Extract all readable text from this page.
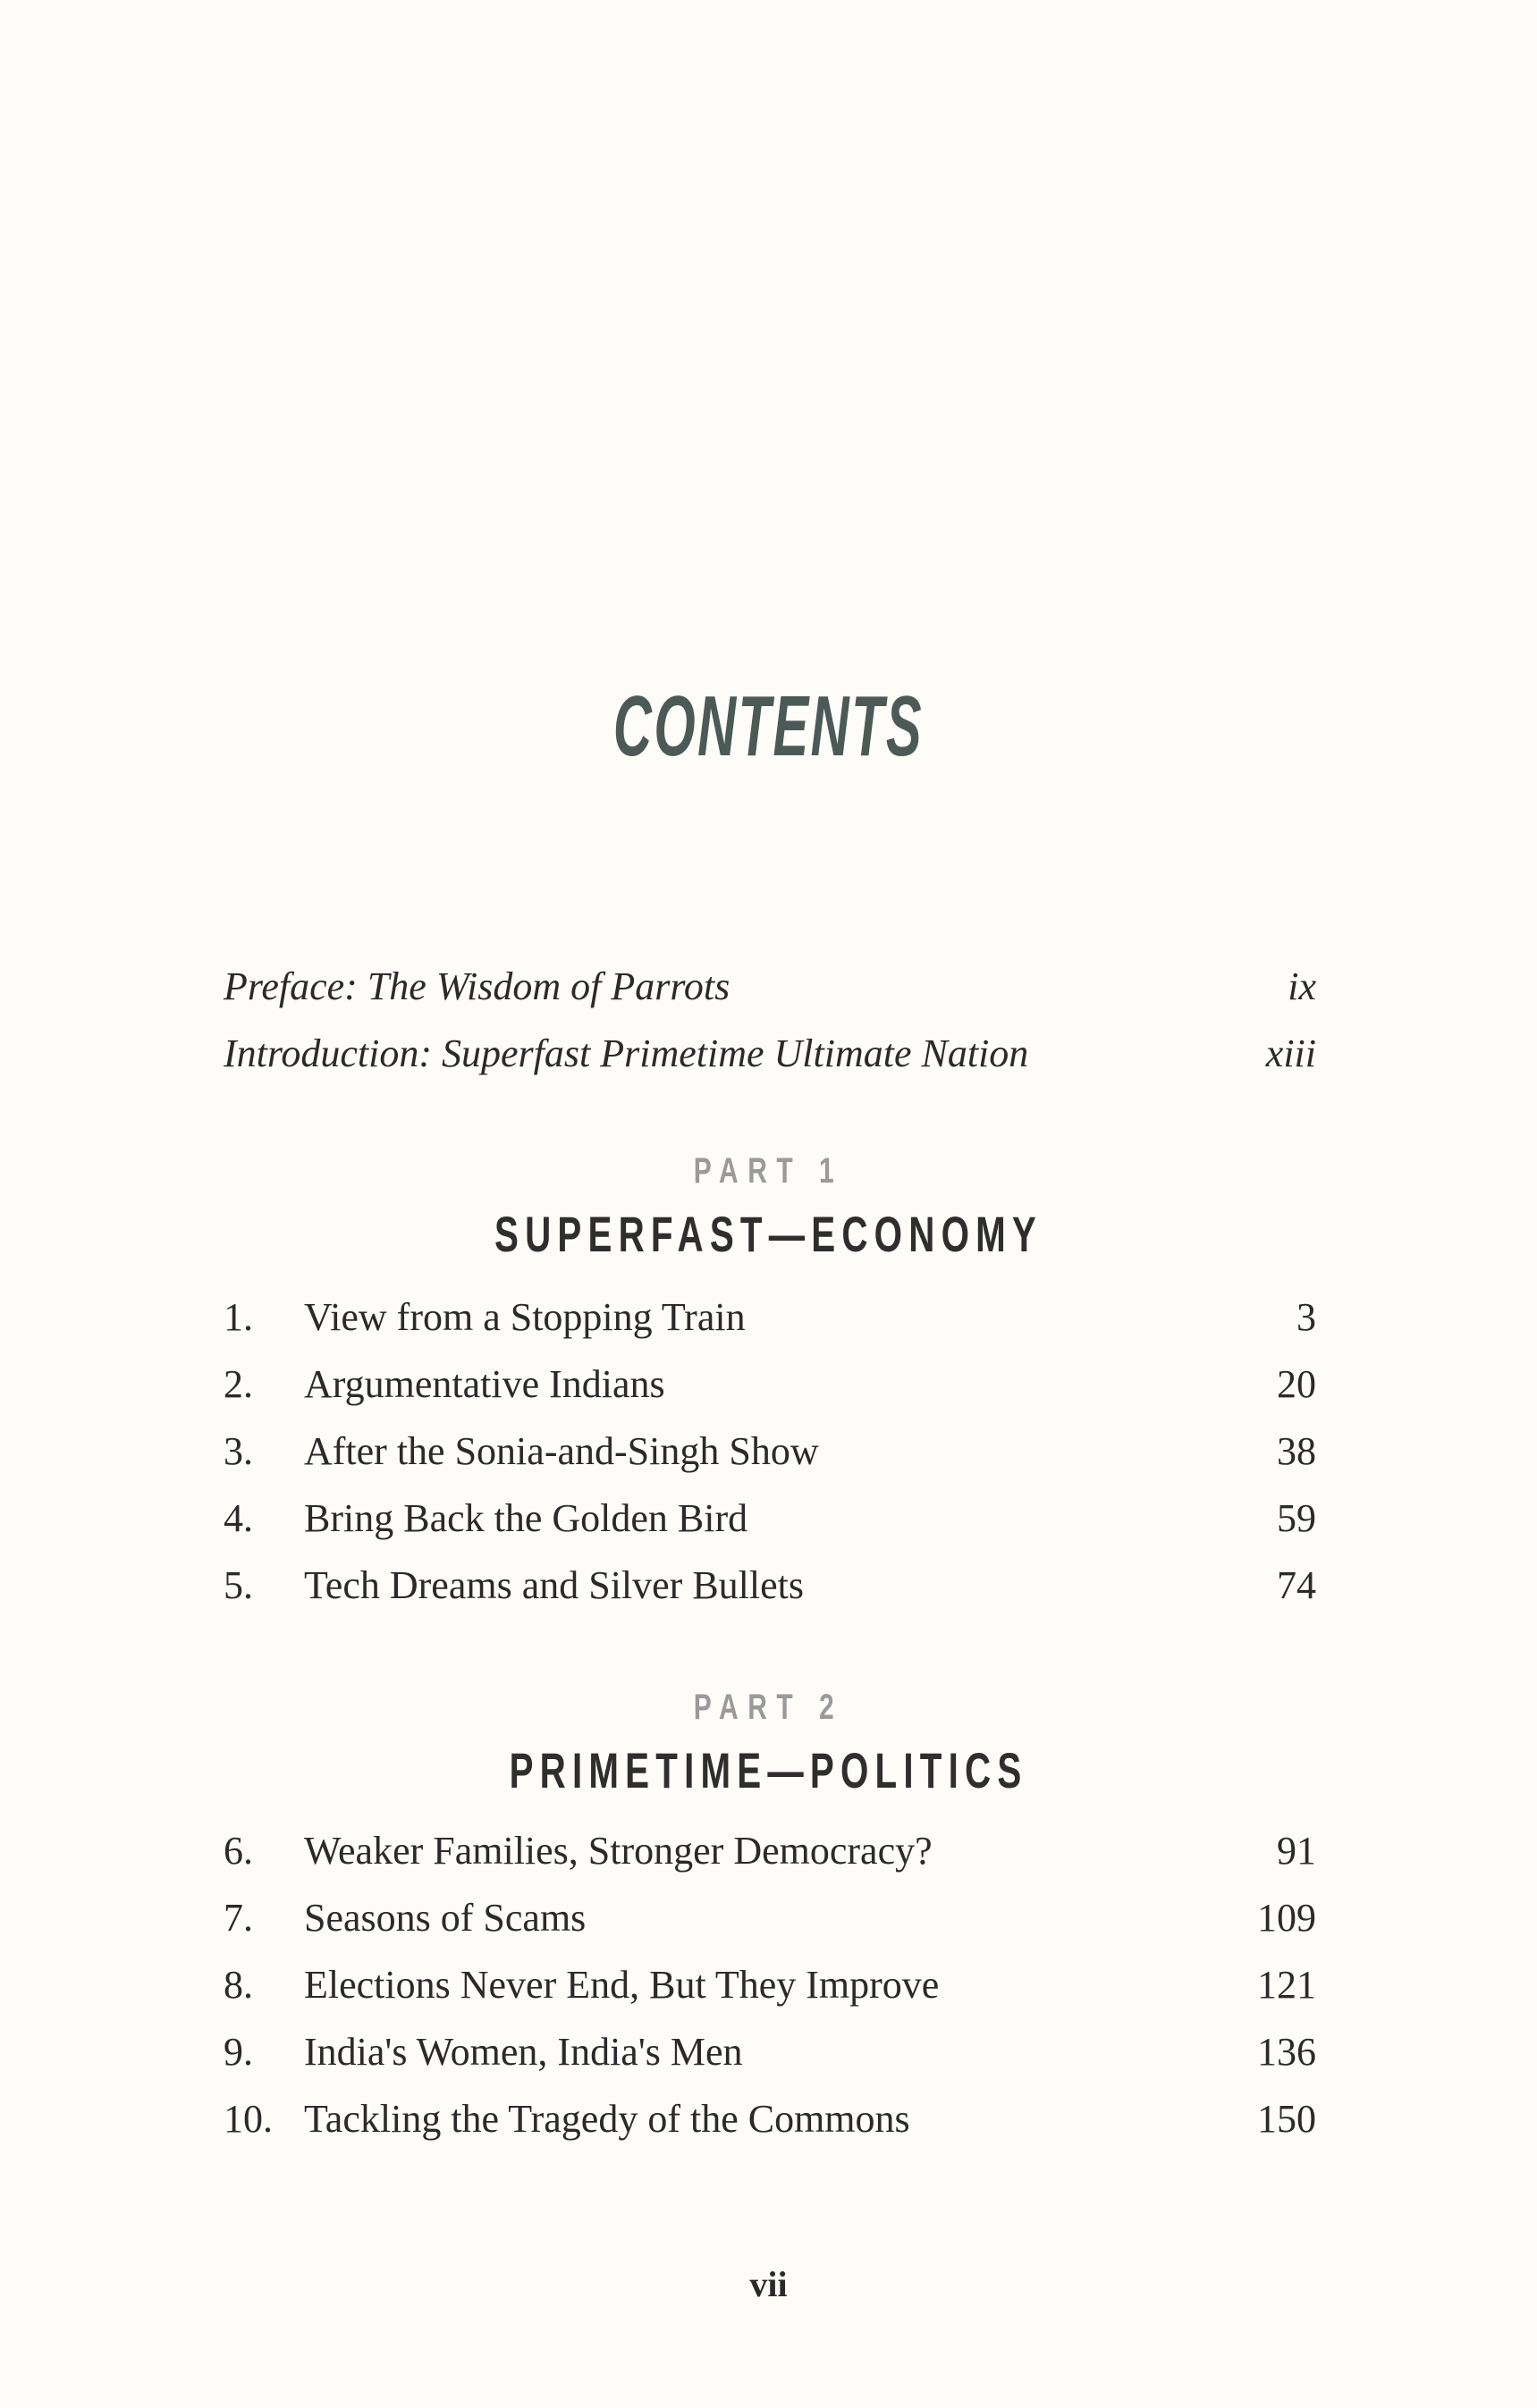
CONTENTS
Preface: The Wisdom of Parrots	ix
Introduction: Superfast Primetime Ultimate Nation	xiii
PART 1
SUPERFAST—ECONOMY
1.	View from a Stopping Train	3
2.	Argumentative Indians	20
3.	After the Sonia-and-Singh Show	38
4.	Bring Back the Golden Bird	59
5.	Tech Dreams and Silver Bullets	74
PART 2
PRIMETIME—POLITICS
6.	Weaker Families, Stronger Democracy?	91
7.	Seasons of Scams	109
8.	Elections Never End, But They Improve	121
9.	India's Women, India's Men	136
10. Tackling the Tragedy of the Commons	150
vii
